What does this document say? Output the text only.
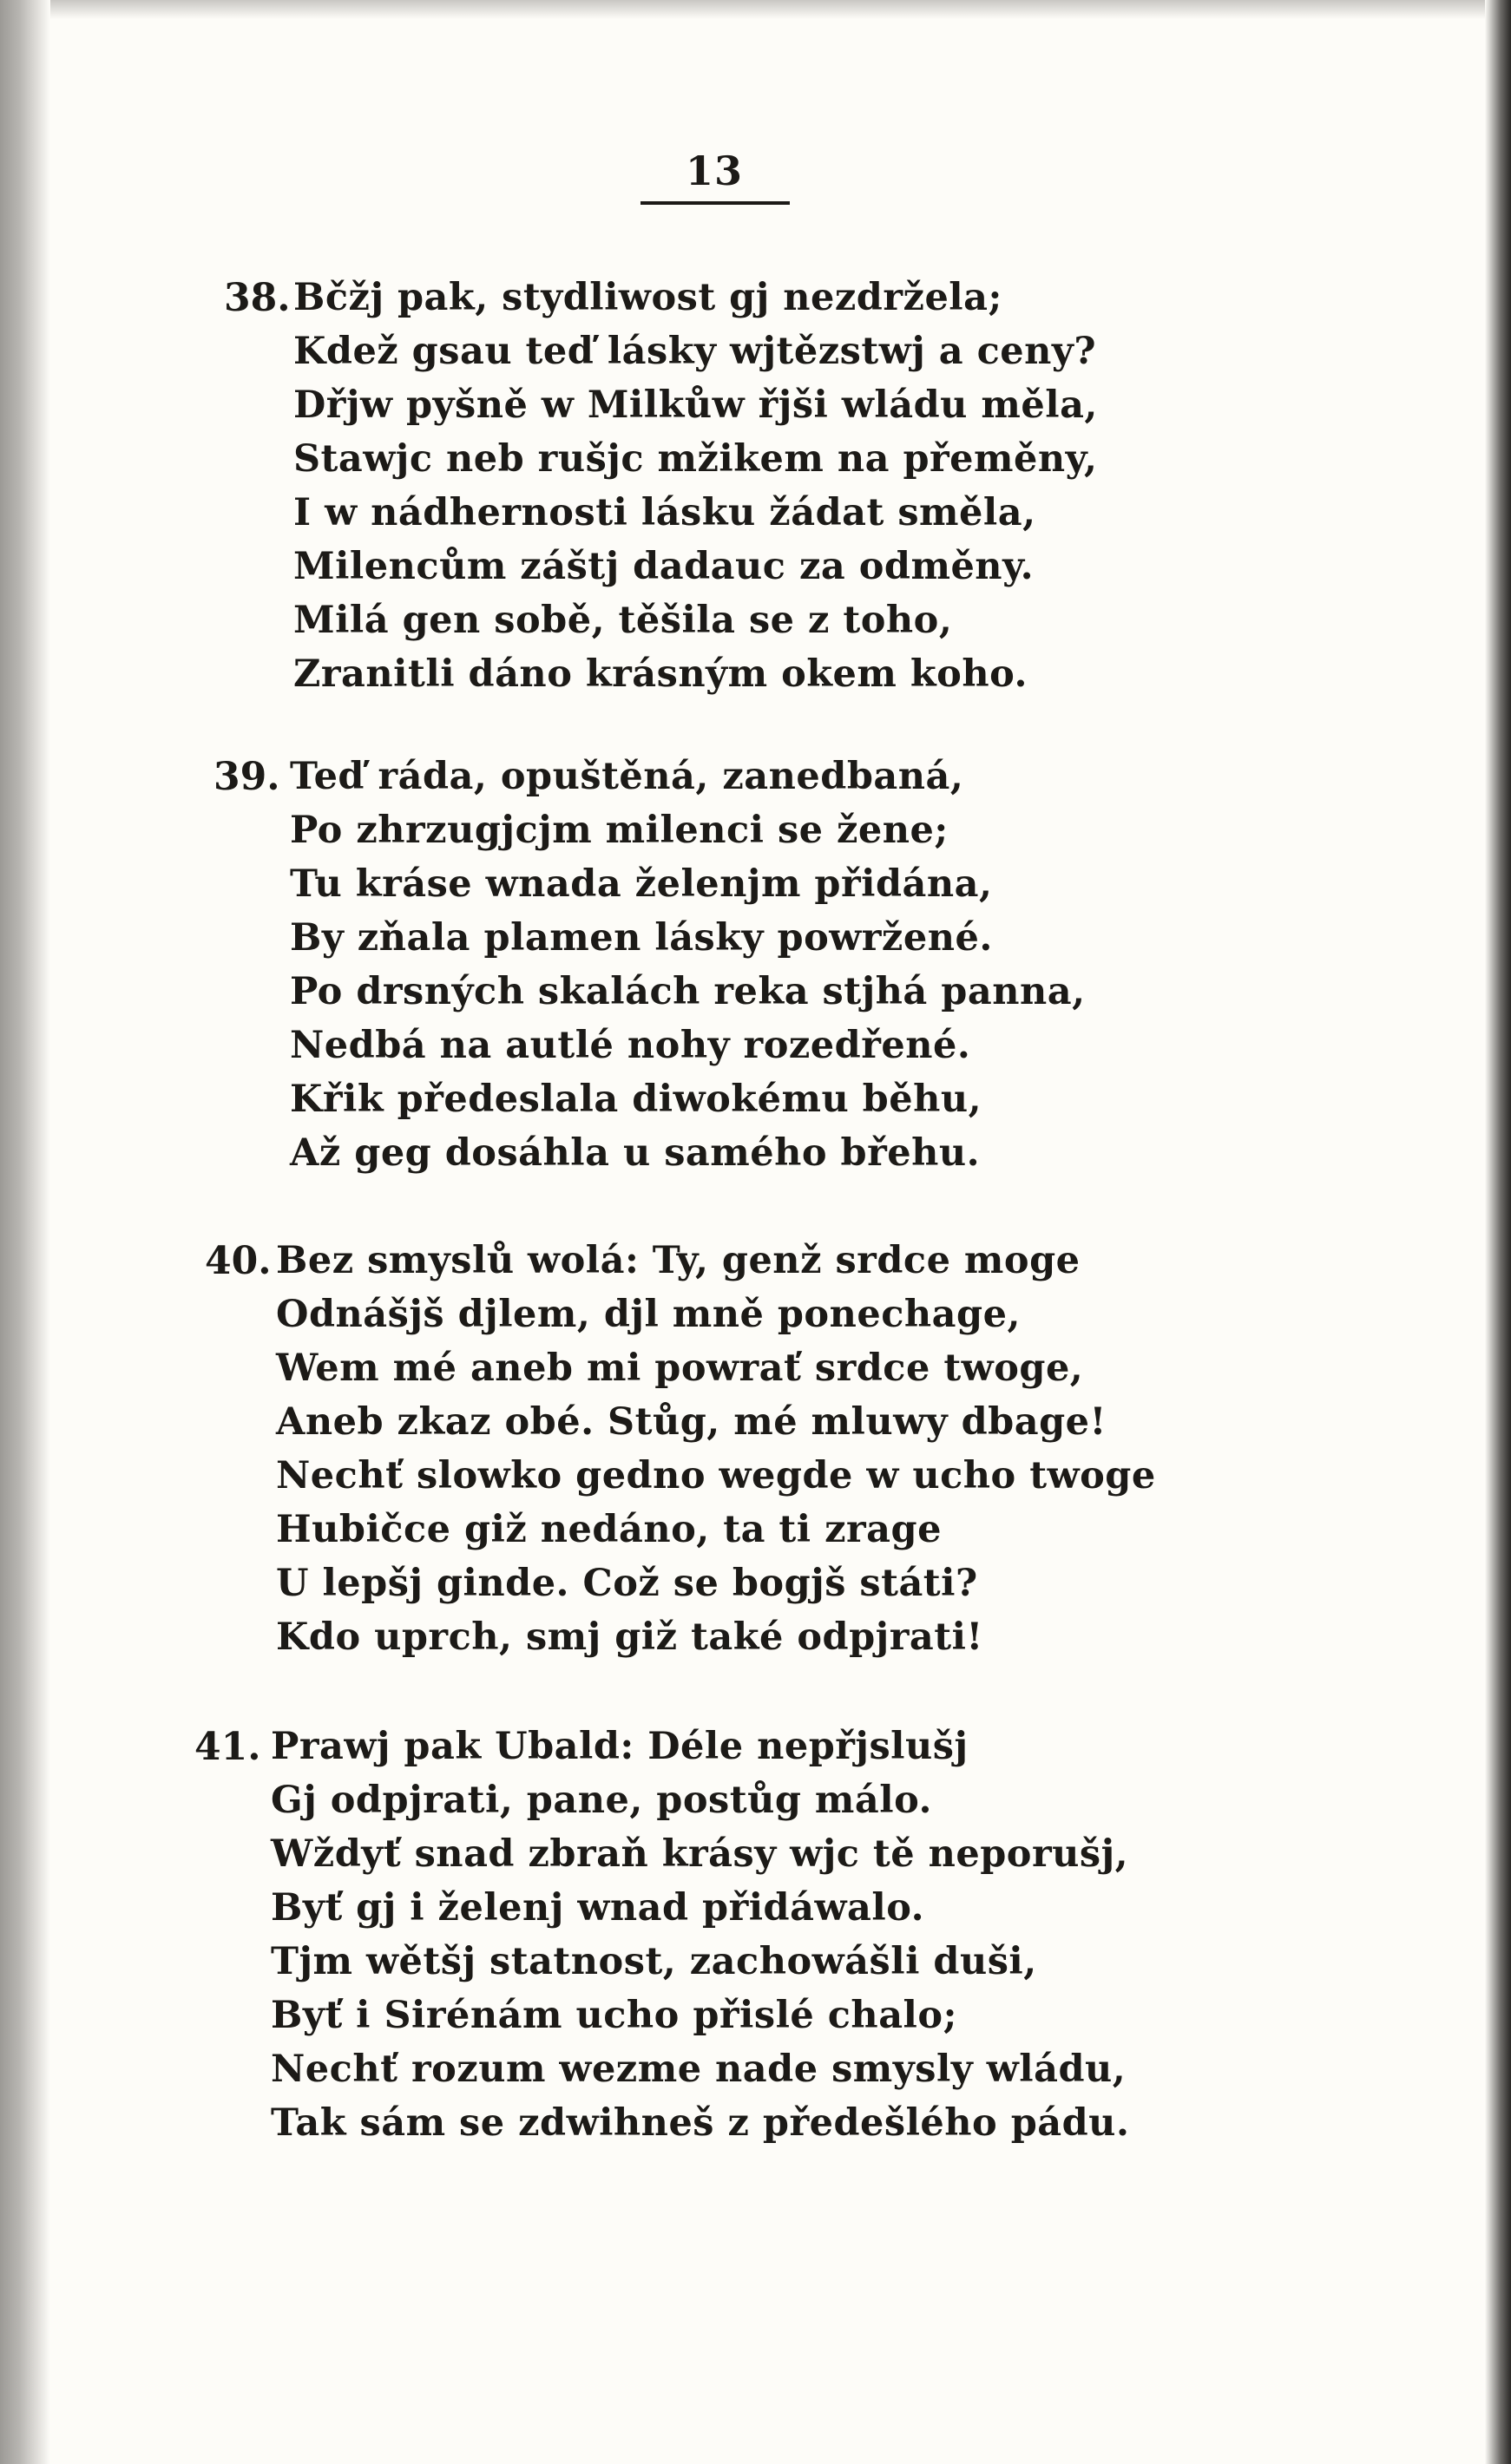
13
38. Bčžj pak, stydliwost gj nezdržela;
Kdež gsau teď lásky wjtězstwj a ceny?
Dřjw pyšně w Milkůw řjši wládu měla,
Stawjc neb rušjc mžikem na přeměny,
I w nádhernosti lásku žádat směla,
Milencům záštj dadauc za odměny.
Milá gen sobě, těšila se z toho,
Zranitli dáno krásným okem koho.
39. Teď ráda, opuštěná, zanedbaná,
Po zhrzugjcjm milenci se žene;
Tu kráse wnada želenjm přidána,
By zňala plamen lásky powržené.
Po drsných skalách reka stjhá panna,
Nedbá na autlé nohy rozedřené.
Křik předeslala diwokému běhu,
Až geg dosáhla u samého břehu.
40. Bez smyslů wolá: Ty, genž srdce moge
Odnášjš djlem, djl mně ponechage,
Wem mé aneb mi powrať srdce twoge,
Aneb zkaz obé. Stůg, mé mluwy dbage!
Nechť slowko gedno wegde w ucho twoge
Hubičce giž nedáno, ta ti zrage
U lepšj ginde. Což se bogjš státi?
Kdo uprch, smj giž také odpjrati!
41. Prawj pak Ubald: Déle nepřjslušj
Gj odpjrati, pane, postůg málo.
Wždyť snad zbraň krásy wjc tě neporušj,
Byť gj i želenj wnad přidáwalo.
Tjm wětšj statnost, zachowášli duši,
Byť i Sirénám ucho přislé chalo;
Nechť rozum wezme nade smysly wládu,
Tak sám se zdwihneš z předešlého pádu.
